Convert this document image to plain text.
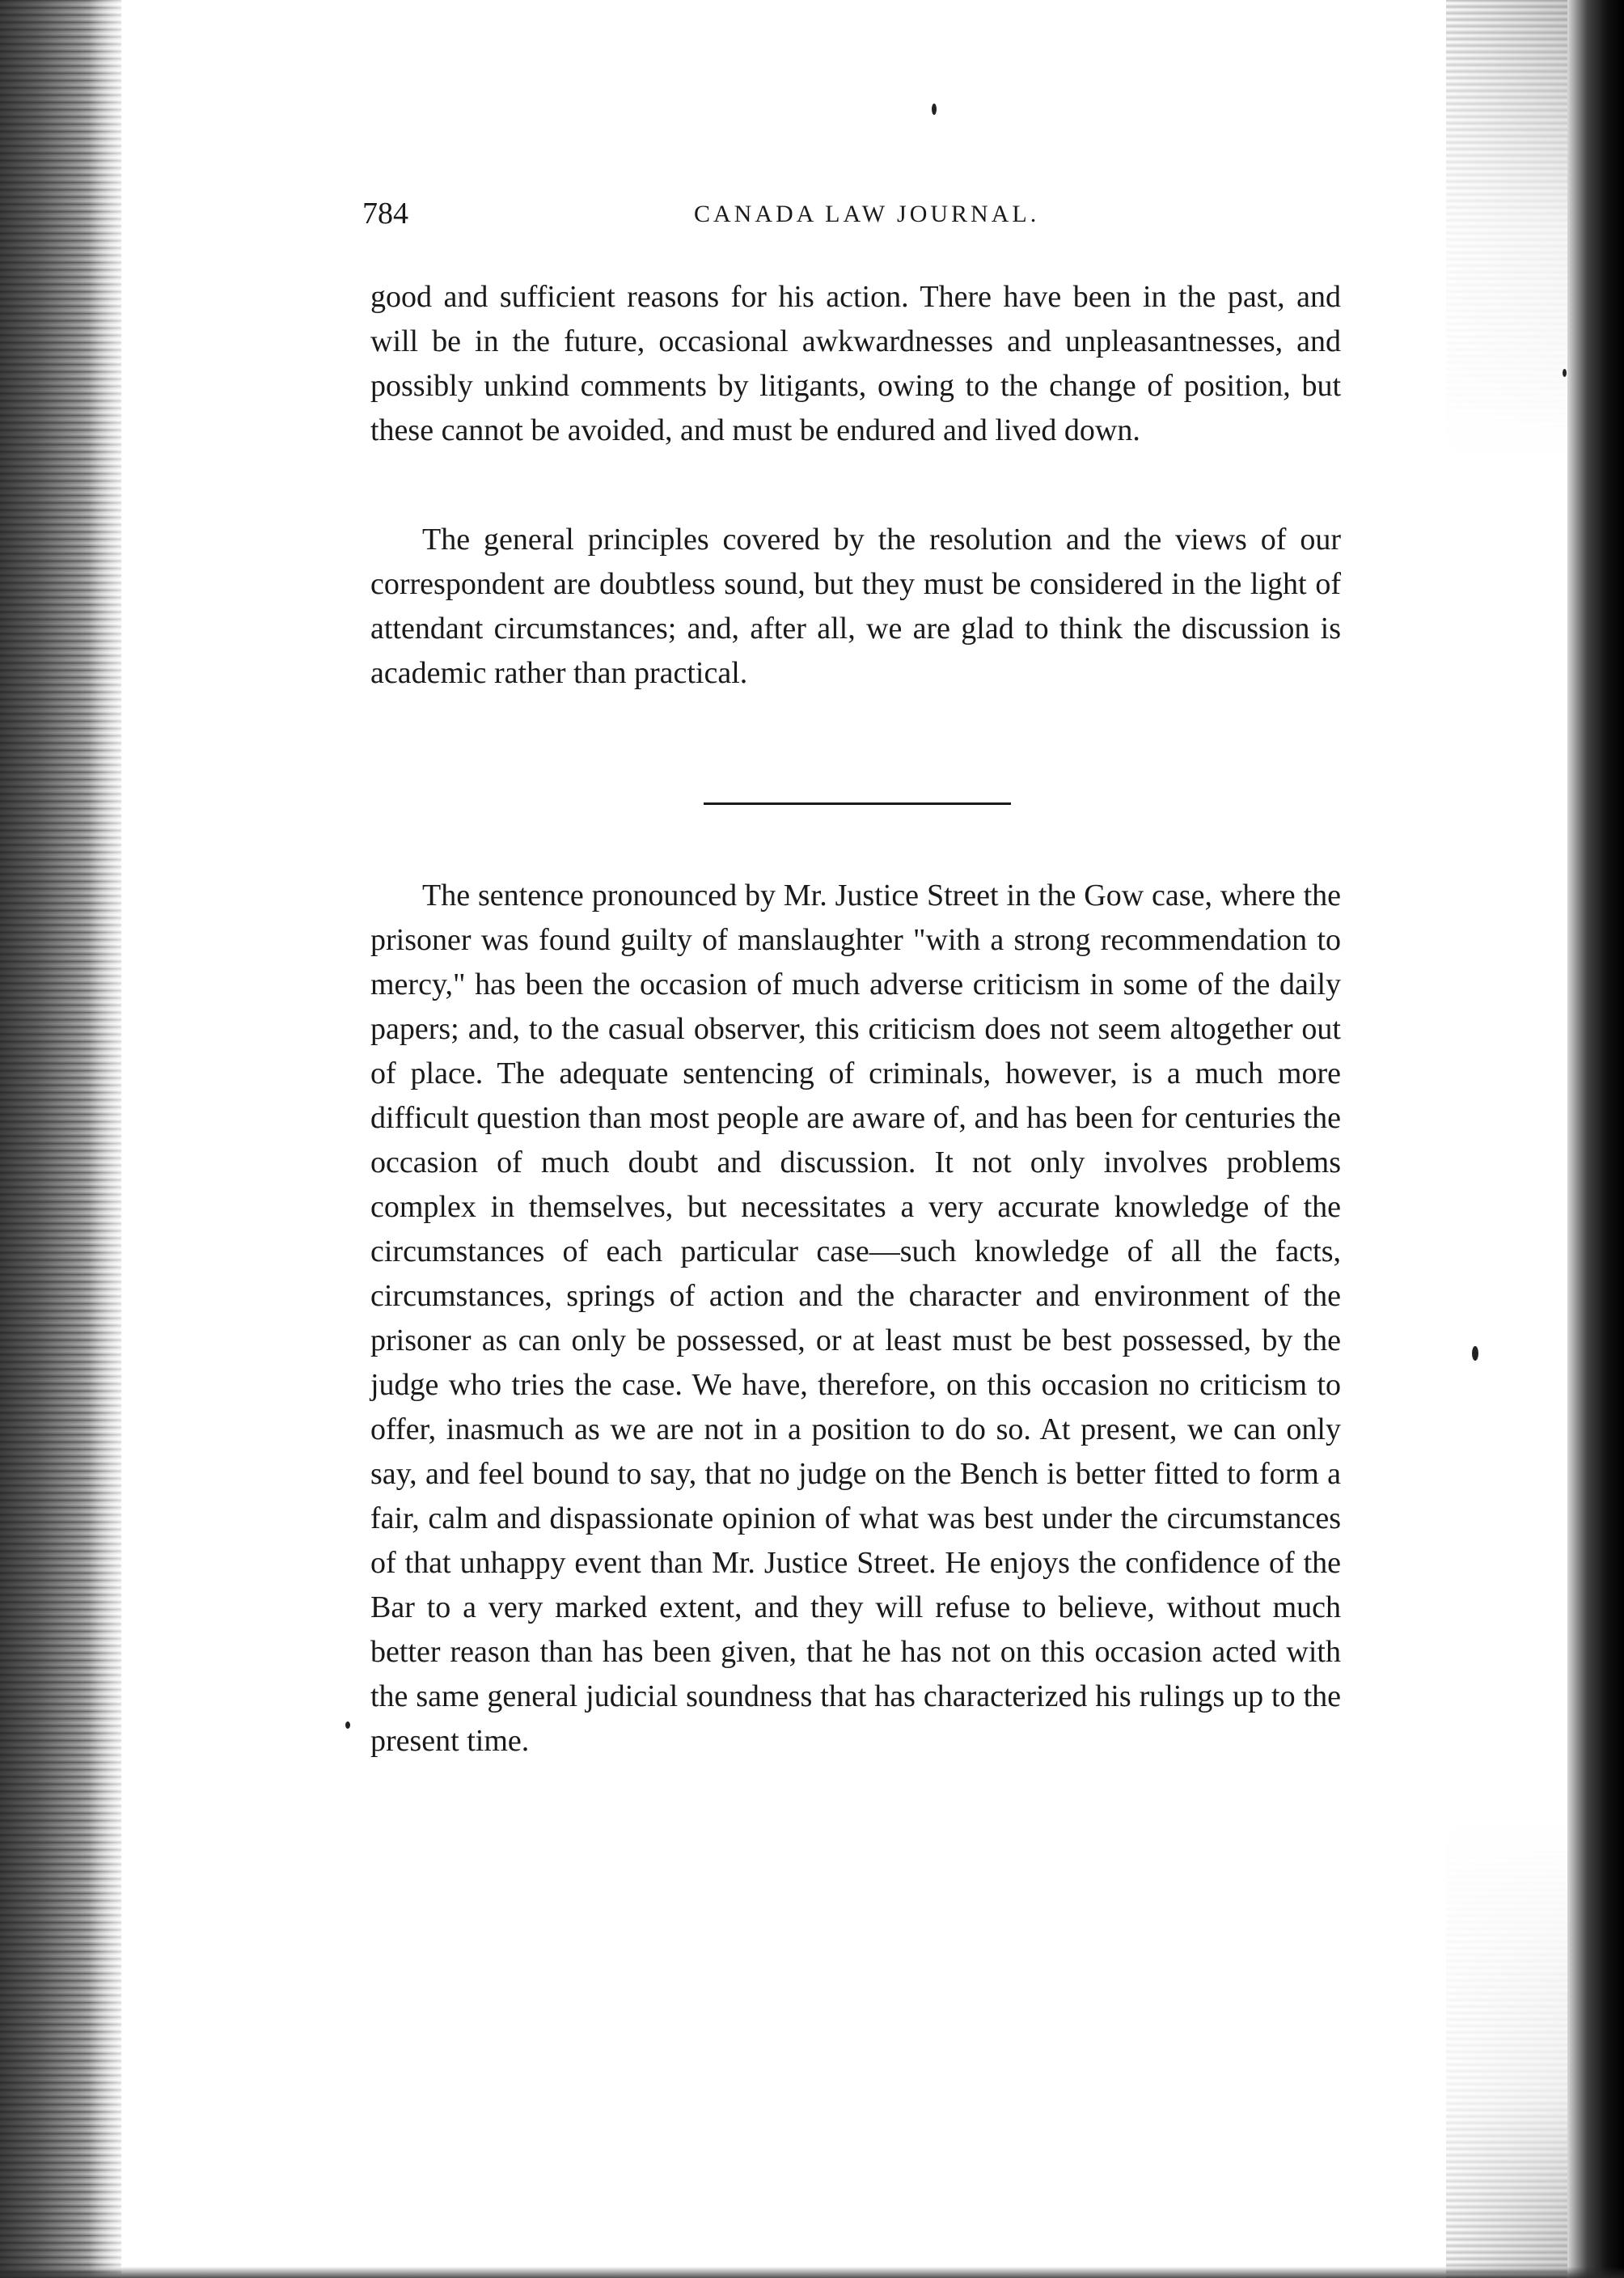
784	CANADA LAW JOURNAL.

good and sufficient reasons for his action. There have been in the past, and will be in the future, occasional awkwardnesses and unpleasantnesses, and possibly unkind comments by litigants, owing to the change of position, but these cannot be avoided, and must be endured and lived down.

The general principles covered by the resolution and the views of our correspondent are doubtless sound, but they must be considered in the light of attendant circumstances; and, after all, we are glad to think the discussion is academic rather than practical.

The sentence pronounced by Mr. Justice Street in the Gow case, where the prisoner was found guilty of manslaughter "with a strong recommendation to mercy," has been the occasion of much adverse criticism in some of the daily papers; and, to the casual observer, this criticism does not seem altogether out of place. The adequate sentencing of criminals, however, is a much more difficult question than most people are aware of, and has been for centuries the occasion of much doubt and discussion. It not only involves problems complex in themselves, but necessitates a very accurate knowledge of the circumstances of each particular case—such knowledge of all the facts, circumstances, springs of action and the character and environment of the prisoner as can only be possessed, or at least must be best possessed, by the judge who tries the case. We have, therefore, on this occasion no criticism to offer, inasmuch as we are not in a position to do so. At present, we can only say, and feel bound to say, that no judge on the Bench is better fitted to form a fair, calm and dispassionate opinion of what was best under the circumstances of that unhappy event than Mr. Justice Street. He enjoys the confidence of the Bar to a very marked extent, and they will refuse to believe, without much better reason than has been given, that he has not on this occasion acted with the same general judicial soundness that has characterized his rulings up to the present time.
